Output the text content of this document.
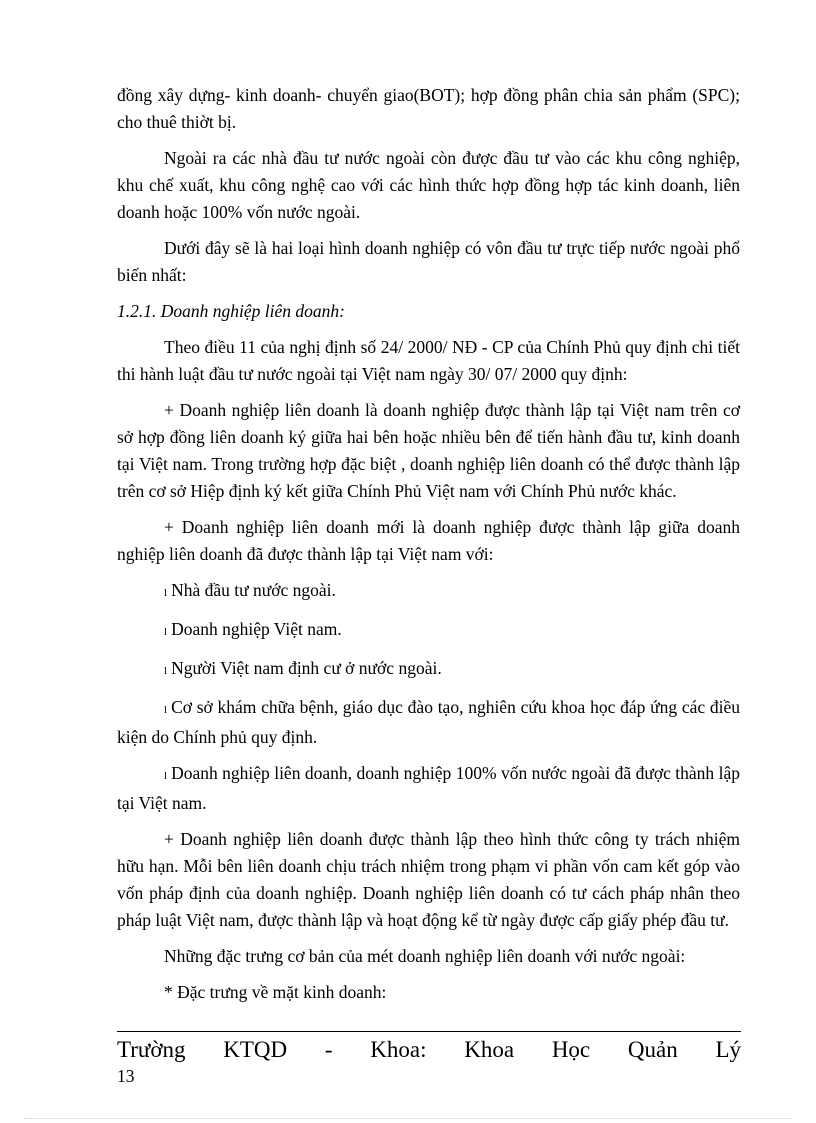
đồng xây dựng- kinh doanh- chuyển giao(BOT); hợp đồng phân chia sản phẩm (SPC); cho thuê thiờt bị.

Ngoài ra các nhà đầu tư nước ngoài còn được đầu tư vào các khu công nghiệp, khu chế xuất, khu công nghệ cao với các hình thức hợp đồng hợp tác kinh doanh, liên doanh hoặc 100% vốn nước ngoài.

Dưới đây sẽ là hai loại hình doanh nghiệp có vôn đầu tư trực tiếp nước ngoài phổ biến nhất:

1.2.1. Doanh nghiệp liên doanh:

Theo điều 11 của nghị định số 24/ 2000/ NĐ - CP của Chính Phủ quy định chi tiết thi hành luật đầu tư nước ngoài tại Việt nam ngày 30/ 07/ 2000 quy định:

+ Doanh nghiệp liên doanh là doanh nghiệp được thành lập tại Việt nam trên cơ sở hợp đồng liên doanh ký giữa hai bên hoặc nhiều bên để tiến hành đầu tư, kinh doanh tại Việt nam. Trong trường hợp đặc biệt , doanh nghiệp liên doanh có thể được thành lập trên cơ sở Hiệp định ký kết giữa Chính Phủ Việt nam với Chính Phủ nước khác.

+ Doanh nghiệp liên doanh mới là doanh nghiệp được thành lập giữa doanh nghiệp liên doanh đã được thành lập tại Việt nam với:

l Nhà đầu tư nước ngoài.

l Doanh nghiệp Việt nam.

l Người Việt nam định cư ở nước ngoài.

l Cơ sở khám chữa bệnh, giáo dục đào tạo, nghiên cứu khoa học đáp ứng các điều kiện do Chính phủ quy định.

l Doanh nghiệp liên doanh, doanh nghiệp 100% vốn nước ngoài đã được thành lập tại Việt nam.

+ Doanh nghiệp liên doanh được thành lập theo hình thức công ty trách nhiệm hữu hạn. Mỗi bên liên doanh chịu trách nhiệm trong phạm vi phần vốn cam kết góp vào vốn pháp định của doanh nghiệp. Doanh nghiệp liên doanh có tư cách pháp nhân theo pháp luật Việt nam, được thành lập và hoạt động kể từ ngày được cấp giấy phép đầu tư.

Những đặc trưng cơ bản của mét doanh nghiệp liên doanh với nước ngoài:

* Đặc trưng về mặt kinh doanh:

Trường KTQD - Khoa: Khoa Học Quản Lý
13
